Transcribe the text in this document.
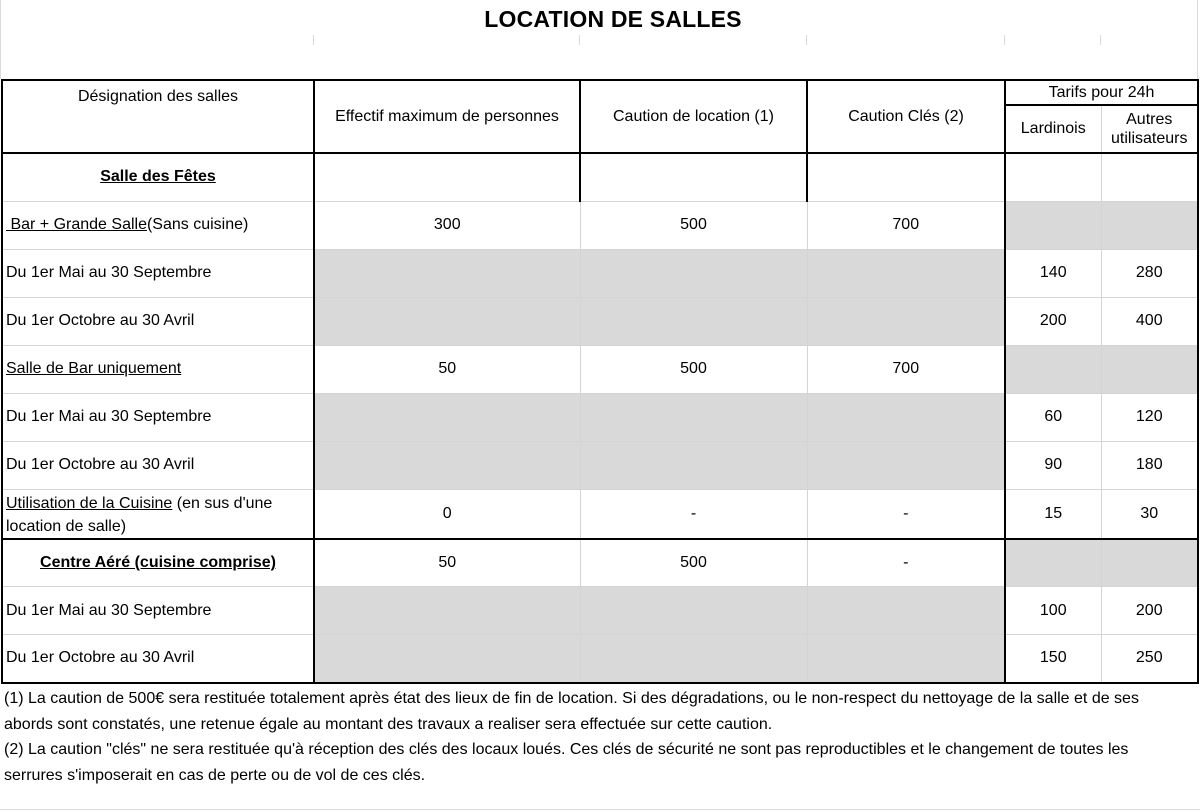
LOCATION DE SALLES
Désignation des salles	Effectif maximum de personnes	Caution de location (1)	Caution Clés (2)	Tarifs pour 24h	
				Lardinois	Autres
utilisateurs
Salle des Fêtes					
Bar + Grande Salle(Sans cuisine)	300	500	700		
Du 1er Mai au 30 Septembre				140	280
Du 1er Octobre au 30 Avril				200	400
Salle de Bar uniquement	50	500	700		
Du 1er Mai au 30 Septembre				60	120
Du 1er Octobre au 30 Avril				90	180
Utilisation de la Cuisine (en sus d'une location de salle)	0	-	-	15	30
Centre Aéré (cuisine comprise)	50	500	-		
Du 1er Mai au 30 Septembre				100	200
Du 1er Octobre au 30 Avril				150	250
(1) La caution de 500€ sera restituée totalement après état des lieux de fin de location. Si des dégradations, ou le non-respect du nettoyage de la salle et de ses
abords sont constatés, une retenue égale au montant des travaux a realiser sera effectuée sur cette caution.
(2) La caution "clés" ne sera restituée qu'à réception des clés des locaux loués. Ces clés de sécurité ne sont pas reproductibles et le changement de toutes les
serrures s'imposerait en cas de perte ou de vol de ces clés.
